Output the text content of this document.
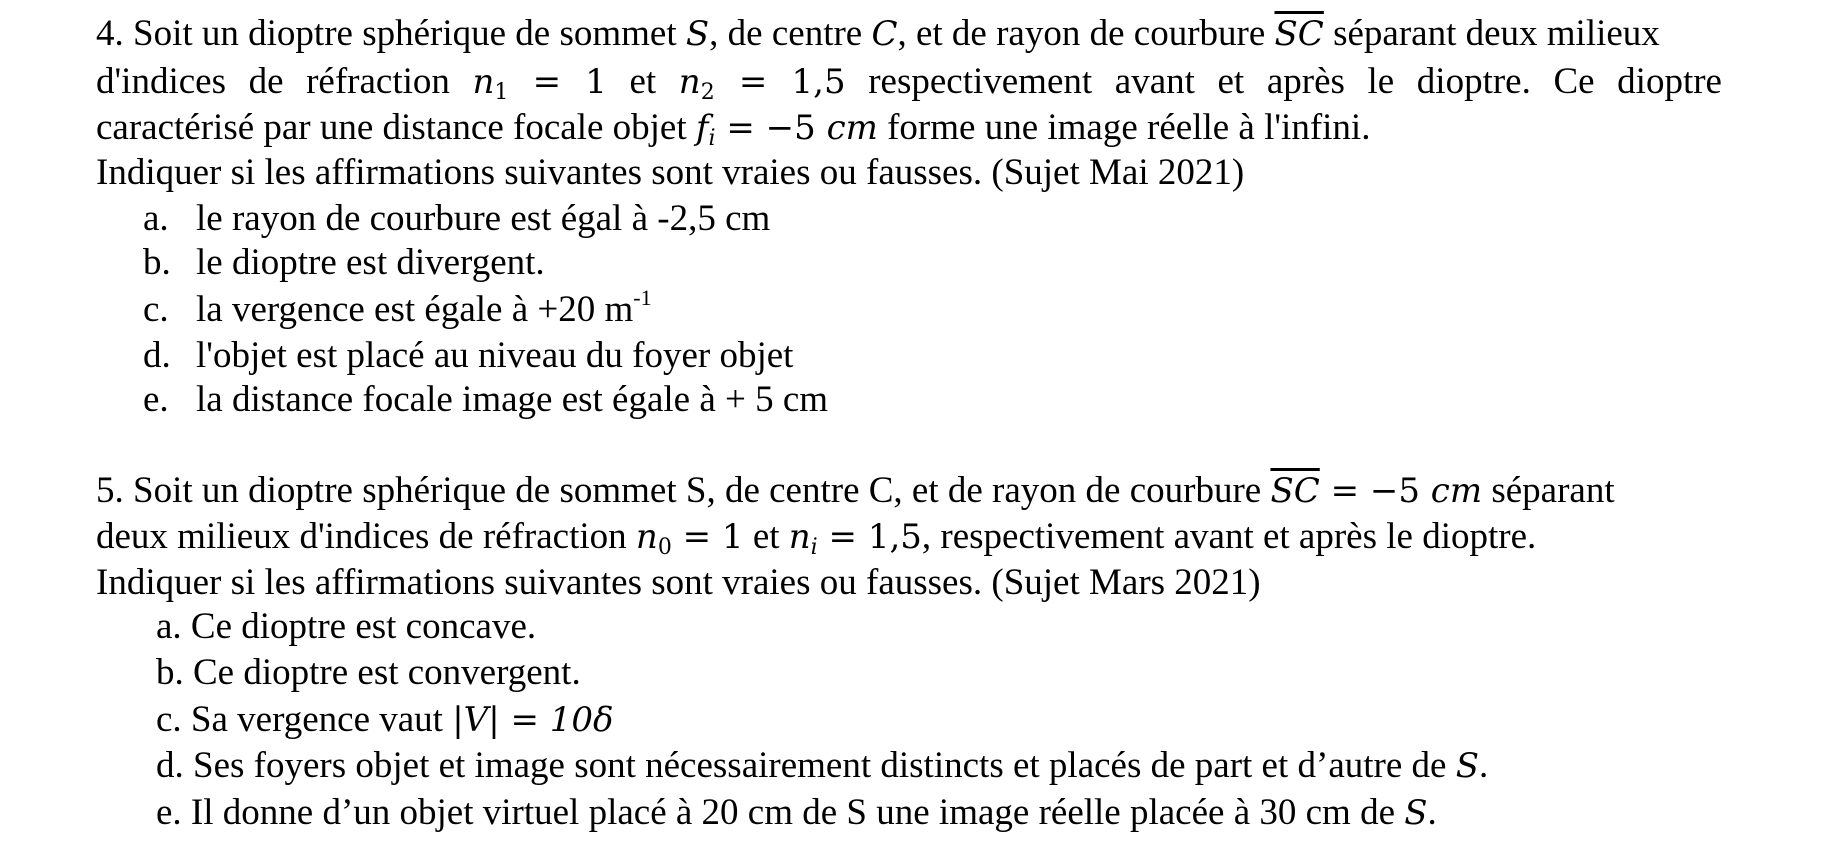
4. Soit un dioptre sphérique de sommet S, de centre C, et de rayon de courbure $\overline{SC}$ séparant deux milieux
d'indices de réfraction $n_1 = 1$ et $n_2 = 1,5$ respectivement avant et après le dioptre. Ce dioptre
caractérisé par une distance focale objet $f_i = -5$ cm forme une image réelle à l'infini.
Indiquer si les affirmations suivantes sont vraies ou fausses. (Sujet Mai 2021)
a. le rayon de courbure est égal à -2,5 cm
b. le dioptre est divergent.
c. la vergence est égale à +20 $m^{-1}$
d. l'objet est placé au niveau du foyer objet
e. la distance focale image est égale à + 5 cm
5. Soit un dioptre sphérique de sommet S, de centre C, et de rayon de courbure $\overline{SC} = -5$ cm séparant
deux milieux d'indices de réfraction $n_0 = 1$ et $n_i = 1,5$, respectivement avant et après le dioptre.
Indiquer si les affirmations suivantes sont vraies ou fausses. (Sujet Mars 2021)
a. Ce dioptre est concave.
b. Ce dioptre est convergent.
c. Sa vergence vaut |V| = 10δ
d. Ses foyers objet et image sont nécessairement distincts et placés de part et d’autre de S.
e. Il donne d’un objet virtuel placé à 20 cm de S une image réelle placée à 30 cm de S.
